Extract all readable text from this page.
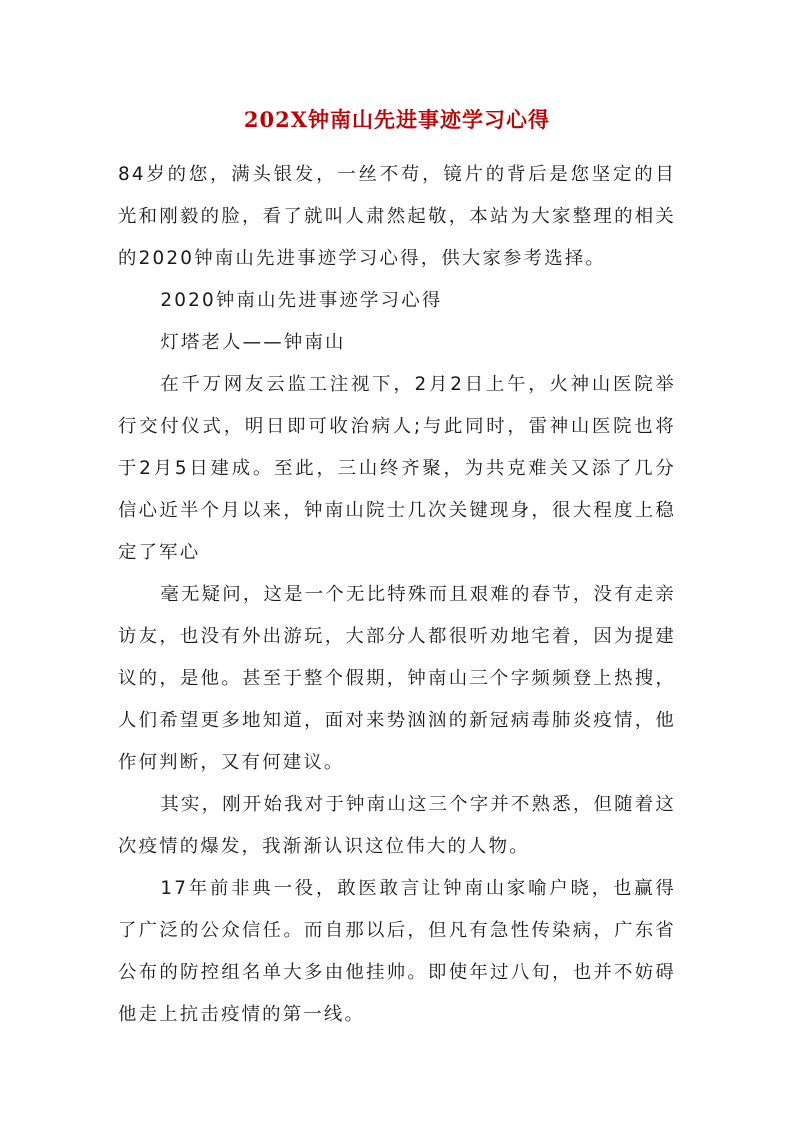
202X钟南山先进事迹学习心得

84岁的您，满头银发，一丝不苟，镜片的背后是您坚定的目光和刚毅的脸，看了就叫人肃然起敬，本站为大家整理的相关的2020钟南山先进事迹学习心得，供大家参考选择。

2020钟南山先进事迹学习心得

灯塔老人——钟南山

在千万网友云监工注视下，2月2日上午，火神山医院举行交付仪式，明日即可收治病人;与此同时，雷神山医院也将于2月5日建成。至此，三山终齐聚，为共克难关又添了几分信心近半个月以来，钟南山院士几次关键现身，很大程度上稳定了军心

毫无疑问，这是一个无比特殊而且艰难的春节，没有走亲访友，也没有外出游玩，大部分人都很听劝地宅着，因为提建议的，是他。甚至于整个假期，钟南山三个字频频登上热搜，人们希望更多地知道，面对来势汹汹的新冠病毒肺炎疫情，他作何判断，又有何建议。

其实，刚开始我对于钟南山这三个字并不熟悉，但随着这次疫情的爆发，我渐渐认识这位伟大的人物。

17年前非典一役，敢医敢言让钟南山家喻户晓，也赢得了广泛的公众信任。而自那以后，但凡有急性传染病，广东省公布的防控组名单大多由他挂帅。即使年过八旬，也并不妨碍他走上抗击疫情的第一线。
